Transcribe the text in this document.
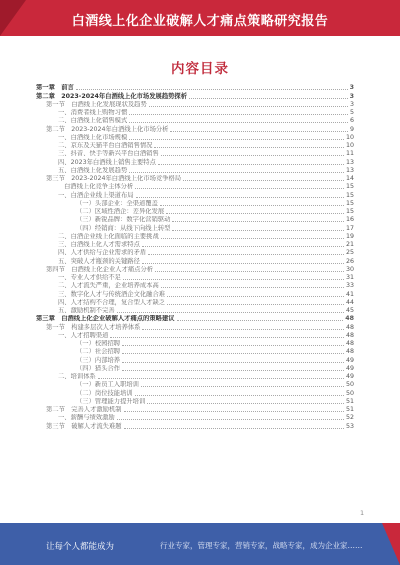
白酒线上化企业破解人才痛点策略研究报告
内容目录
第一章　前言	3
第二章　2023-2024年白酒线上化市场发展趋势探析	3
第一节　白酒线上化发展现状及趋势	3
一、消费者线上购物习惯	5
二、白酒线上化销售模式	6
第二节　2023-2024年白酒线上化市场分析	9
一、白酒线上化市场规模	10
二、京东及天猫平台白酒销售情况	10
三、抖音、快手等新兴平台白酒销售	11
四、2023年白酒线上销售主要特点	13
五、白酒线上化发展趋势	13
第三节　2023-2024年白酒线上化市场竞争格局	14
白酒线上化竞争主体分析	15
一、白酒企业线上渠道布局	15
（一）头部企业：全渠道覆盖	15
（二）区域性酒企：差异化发展	15
（三）新锐品牌：数字化营销驱动	16
（四）经销商：从线下向线上转型	17
二、白酒企业线上化面临的主要挑战	19
三、白酒线上化人才需求特点	21
四、人才供给与企业需求的矛盾	25
五、突破人才瓶颈的关键路径	26
第四节　白酒线上化企业人才痛点分析	30
一、专业人才供给不足	31
二、人才流失严重，企业培养成本高	33
三、数字化人才与传统酒企文化融合难	41
四、人才结构不合理，复合型人才缺乏	44
五、激励机制不完善	45
第三章　白酒线上化企业破解人才痛点的策略建议	48
第一节　构建多层次人才培养体系	48
一、人才招聘渠道	48
（一）校园招聘	48
（二）社会招聘	48
（三）内部培养	49
（四）猎头合作	49
二、培训体系	49
（一）新员工入职培训	50
（二）岗位技能培训	50
（三）管理能力提升培训	51
第二节　完善人才激励机制	51
一、薪酬与绩效激励	52
第三节　破解人才流失难题	53
1
让每个人都能成为	行业专家，管理专家，营销专家，战略专家，成为企业家……
